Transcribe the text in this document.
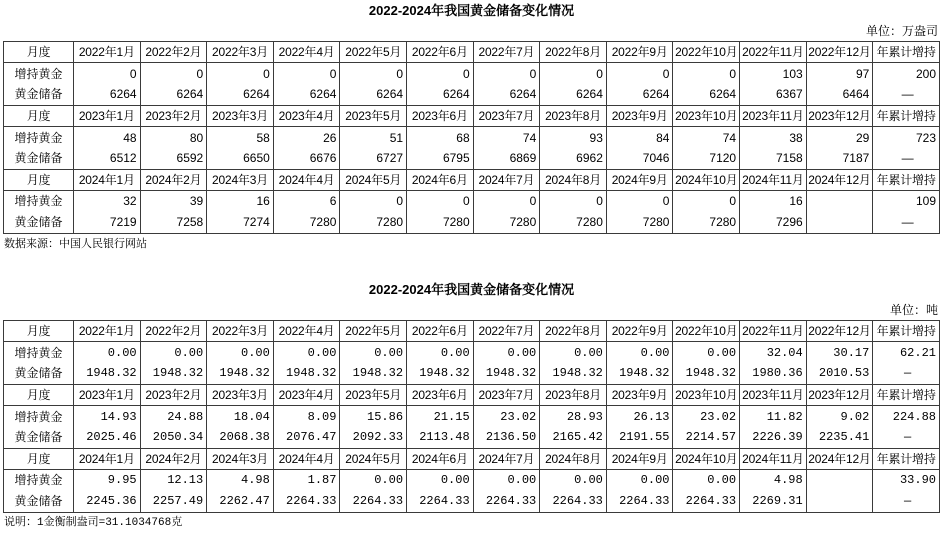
2022-2024年我国黄金储备变化情况
单位：万盎司
月度	2022年1月	2022年2月	2022年3月	2022年4月	2022年5月	2022年6月	2022年7月	2022年8月	2022年9月	2022年10月	2022年11月	2022年12月	年累计增持
增持黄金	0	0	0	0	0	0	0	0	0	0	103	97	200
黄金储备	6264	6264	6264	6264	6264	6264	6264	6264	6264	6264	6367	6464	—
月度	2023年1月	2023年2月	2023年3月	2023年4月	2023年5月	2023年6月	2023年7月	2023年8月	2023年9月	2023年10月	2023年11月	2023年12月	年累计增持
增持黄金	48	80	58	26	51	68	74	93	84	74	38	29	723
黄金储备	6512	6592	6650	6676	6727	6795	6869	6962	7046	7120	7158	7187	—
月度	2024年1月	2024年2月	2024年3月	2024年4月	2024年5月	2024年6月	2024年7月	2024年8月	2024年9月	2024年10月	2024年11月	2024年12月	年累计增持
增持黄金	32	39	16	6	0	0	0	0	0	0	16		109
黄金储备	7219	7258	7274	7280	7280	7280	7280	7280	7280	7280	7296		—
数据来源：中国人民银行网站
2022-2024年我国黄金储备变化情况
单位：吨
月度	2022年1月	2022年2月	2022年3月	2022年4月	2022年5月	2022年6月	2022年7月	2022年8月	2022年9月	2022年10月	2022年11月	2022年12月	年累计增持
增持黄金	0.00	0.00	0.00	0.00	0.00	0.00	0.00	0.00	0.00	0.00	32.04	30.17	62.21
黄金储备	1948.32	1948.32	1948.32	1948.32	1948.32	1948.32	1948.32	1948.32	1948.32	1948.32	1980.36	2010.53	—
月度	2023年1月	2023年2月	2023年3月	2023年4月	2023年5月	2023年6月	2023年7月	2023年8月	2023年9月	2023年10月	2023年11月	2023年12月	年累计增持
增持黄金	14.93	24.88	18.04	8.09	15.86	21.15	23.02	28.93	26.13	23.02	11.82	9.02	224.88
黄金储备	2025.46	2050.34	2068.38	2076.47	2092.33	2113.48	2136.50	2165.42	2191.55	2214.57	2226.39	2235.41	—
月度	2024年1月	2024年2月	2024年3月	2024年4月	2024年5月	2024年6月	2024年7月	2024年8月	2024年9月	2024年10月	2024年11月	2024年12月	年累计增持
增持黄金	9.95	12.13	4.98	1.87	0.00	0.00	0.00	0.00	0.00	0.00	4.98		33.90
黄金储备	2245.36	2257.49	2262.47	2264.33	2264.33	2264.33	2264.33	2264.33	2264.33	2264.33	2269.31		—
说明：1金衡制盎司=31.1034768克
